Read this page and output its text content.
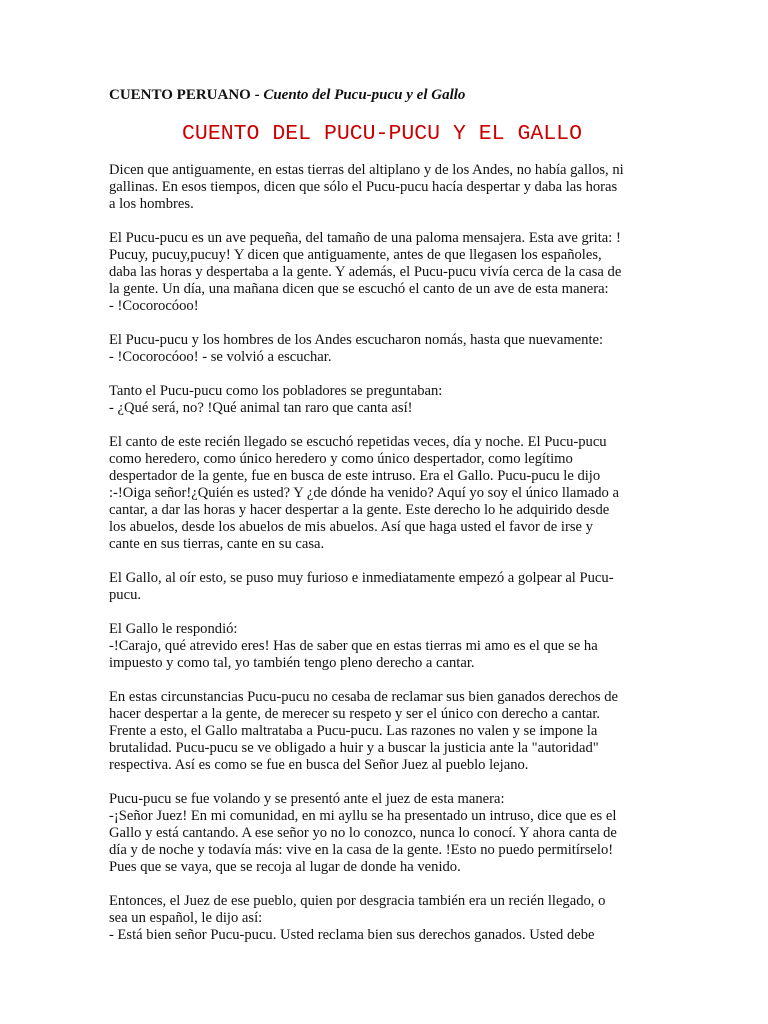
CUENTO PERUANO - Cuento del Pucu-pucu y el Gallo

CUENTO DEL PUCU-PUCU Y EL GALLO
Dicen que antiguamente, en estas tierras del altiplano y de los Andes, no había gallos, ni
gallinas. En esos tiempos, dicen que sólo el Pucu-pucu hacía despertar y daba las horas
a los hombres.
El Pucu-pucu es un ave pequeña, del tamaño de una paloma mensajera. Esta ave grita: !
Pucuy, pucuy,pucuy! Y dicen que antiguamente, antes de que llegasen los españoles,
daba las horas y despertaba a la gente. Y además, el Pucu-pucu vivía cerca de la casa de
la gente. Un día, una mañana dicen que se escuchó el canto de un ave de esta manera:
- !Cocorocóoo!
El Pucu-pucu y los hombres de los Andes escucharon nomás, hasta que nuevamente:
- !Cocorocóoo! - se volvió a escuchar.
Tanto el Pucu-pucu como los pobladores se preguntaban:
- ¿Qué será, no? !Qué animal tan raro que canta así!
El canto de este recién llegado se escuchó repetidas veces, día y noche. El Pucu-pucu
como heredero, como único heredero y como único despertador, como legítimo
despertador de la gente, fue en busca de este intruso. Era el Gallo. Pucu-pucu le dijo
:-!Oiga señor!¿Quién es usted? Y ¿de dónde ha venido? Aquí yo soy el único llamado a
cantar, a dar las horas y hacer despertar a la gente. Este derecho lo he adquirido desde
los abuelos, desde los abuelos de mis abuelos. Así que haga usted el favor de irse y
cante en sus tierras, cante en su casa.
El Gallo, al oír esto, se puso muy furioso e inmediatamente empezó a golpear al Pucu-
pucu.
El Gallo le respondió:
-!Carajo, qué atrevido eres! Has de saber que en estas tierras mi amo es el que se ha
impuesto y como tal, yo también tengo pleno derecho a cantar.
En estas circunstancias Pucu-pucu no cesaba de reclamar sus bien ganados derechos de
hacer despertar a la gente, de merecer su respeto y ser el único con derecho a cantar.
Frente a esto, el Gallo maltrataba a Pucu-pucu. Las razones no valen y se impone la
brutalidad. Pucu-pucu se ve obligado a huir y a buscar la justicia ante la "autoridad"
respectiva. Así es como se fue en busca del Señor Juez al pueblo lejano.
Pucu-pucu se fue volando y se presentó ante el juez de esta manera:
-¡Señor Juez! En mi comunidad, en mi ayllu se ha presentado un intruso, dice que es el
Gallo y está cantando. A ese señor yo no lo conozco, nunca lo conocí. Y ahora canta de
día y de noche y todavía más: vive en la casa de la gente. !Esto no puedo permitírselo!
Pues que se vaya, que se recoja al lugar de donde ha venido.
Entonces, el Juez de ese pueblo, quien por desgracia también era un recién llegado, o
sea un español, le dijo así:
- Está bien señor Pucu-pucu. Usted reclama bien sus derechos ganados. Usted debe
